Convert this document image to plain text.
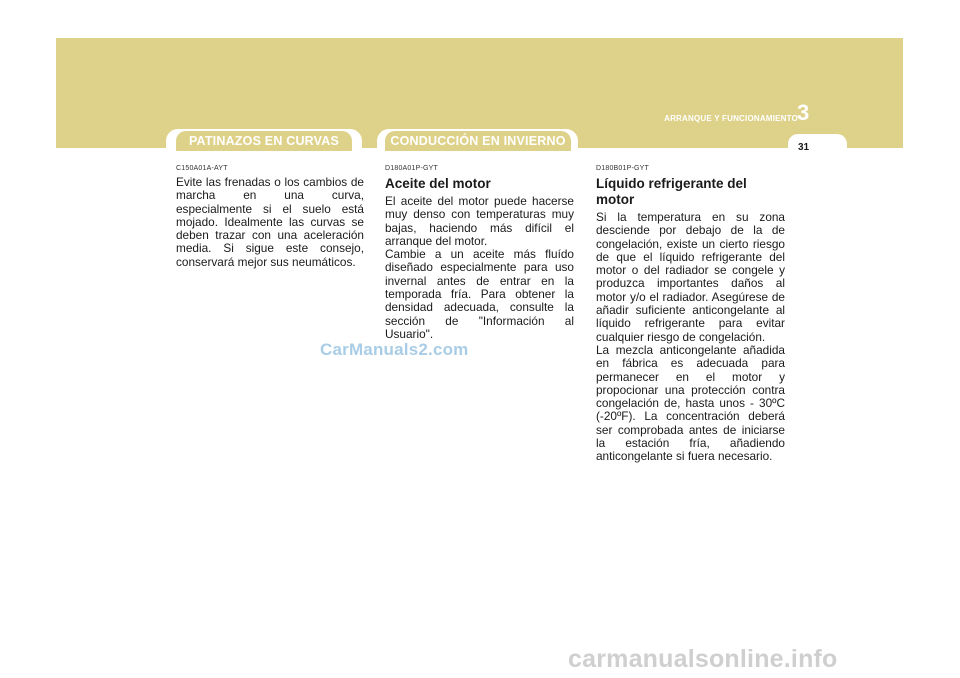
ARRANQUE Y FUNCIONAMIENTO 3
31
PATINAZOS EN CURVAS	CONDUCCIÓN EN INVIERNO

C150A01A-AYT

Evite las frenadas o los cambios de marcha en una curva, especialmente si el suelo está mojado. Idealmente las curvas se deben trazar con una aceleración media. Si sigue este consejo, conservará mejor sus neumáticos.

D180A01P-GYT

Aceite del motor

El aceite del motor puede hacerse muy denso con temperaturas muy bajas, haciendo más difícil el arranque del motor.

Cambie a un aceite más fluído diseñado especialmente para uso invernal antes de entrar en la temporada fría. Para obtener la densidad adecuada, consulte la sección de "Información al Usuario".

D180B01P-GYT

Líquido refrigerante del motor

Si la temperatura en su zona desciende por debajo de la de congelación, existe un cierto riesgo de que el líquido refrigerante del motor o del radiador se congele y produzca importantes daños al motor y/o el radiador. Asegúrese de añadir suficiente anticongelante al líquido refrigerante para evitar cualquier riesgo de congelación.

La mezcla anticongelante añadida en fábrica es adecuada para permanecer en el motor y propocionar una protección contra congelación de, hasta unos - 30ºC (-20ºF). La concentración deberá ser comprobada antes de iniciarse la estación fría, añadiendo anticongelante si fuera necesario.

CarManuals2.com
carmanualsonline.info
